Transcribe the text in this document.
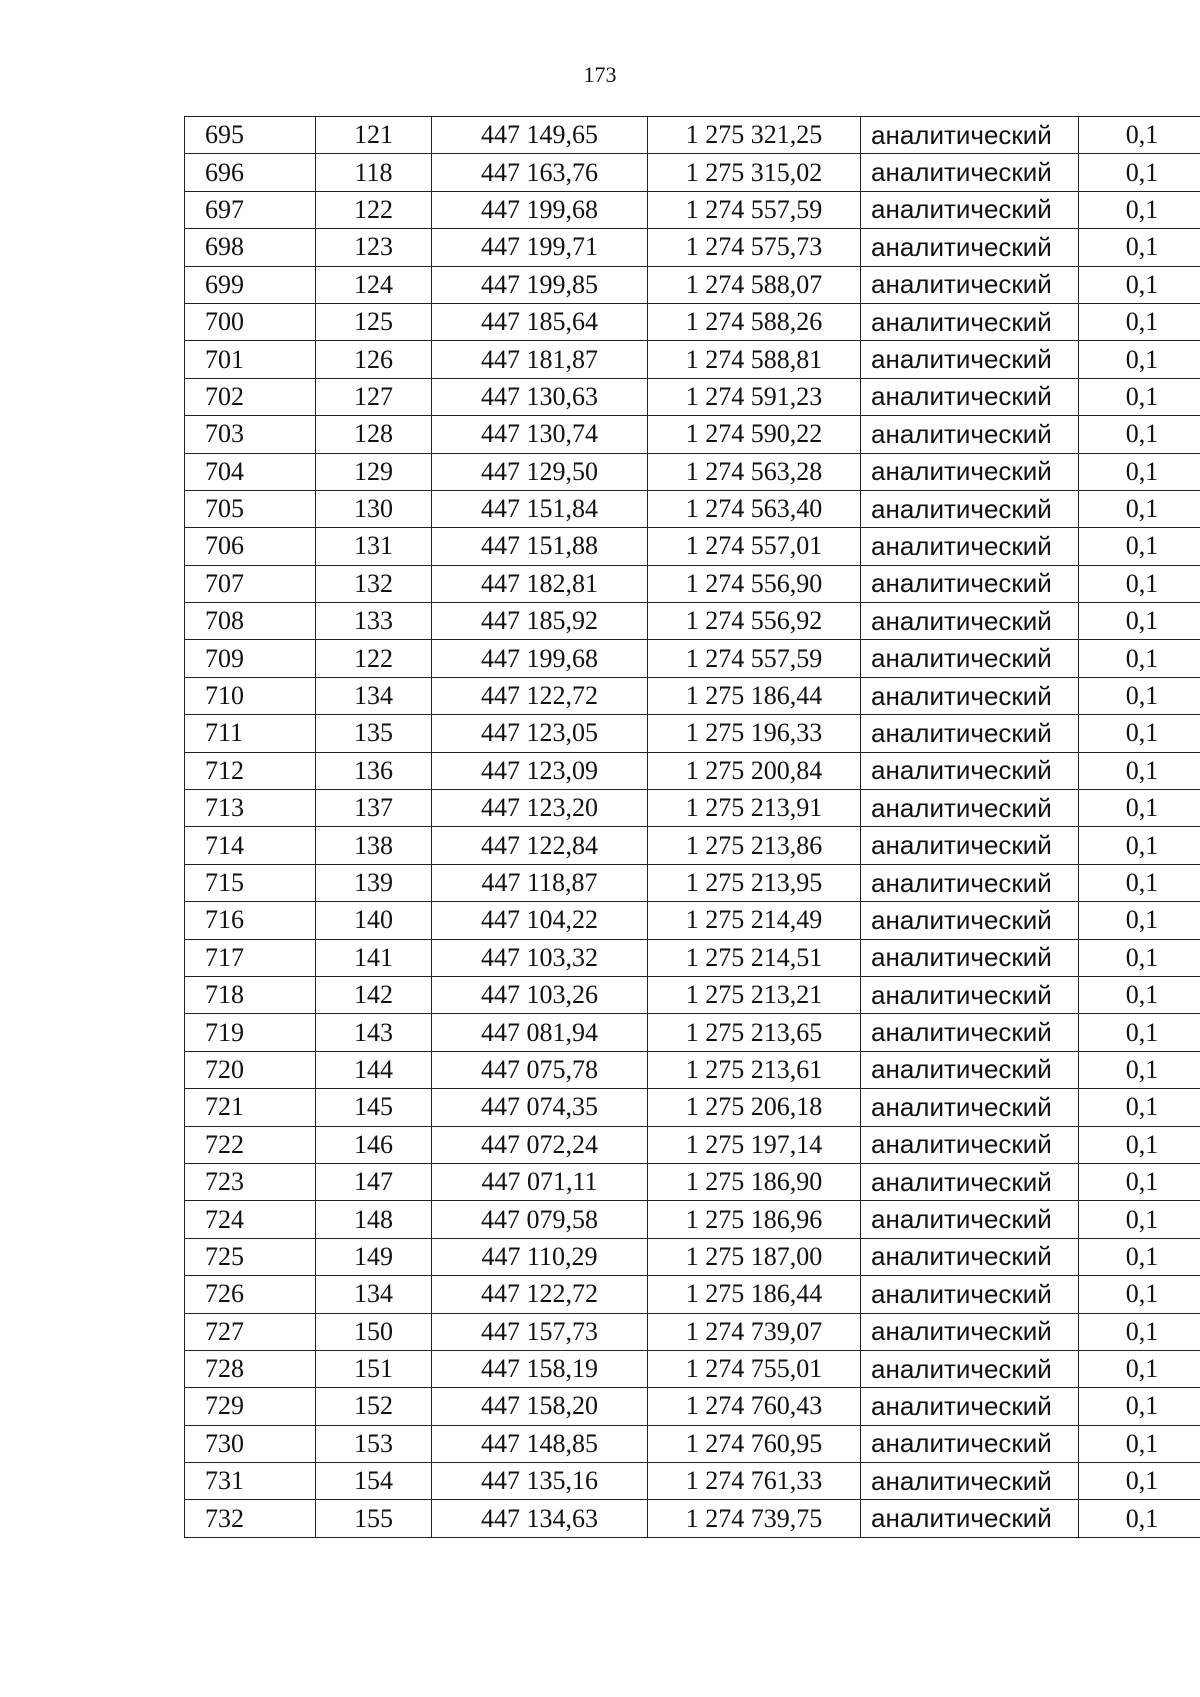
173
695	121	447 149,65	1 275 321,25	аналитический	0,1
696	118	447 163,76	1 275 315,02	аналитический	0,1
697	122	447 199,68	1 274 557,59	аналитический	0,1
698	123	447 199,71	1 274 575,73	аналитический	0,1
699	124	447 199,85	1 274 588,07	аналитический	0,1
700	125	447 185,64	1 274 588,26	аналитический	0,1
701	126	447 181,87	1 274 588,81	аналитический	0,1
702	127	447 130,63	1 274 591,23	аналитический	0,1
703	128	447 130,74	1 274 590,22	аналитический	0,1
704	129	447 129,50	1 274 563,28	аналитический	0,1
705	130	447 151,84	1 274 563,40	аналитический	0,1
706	131	447 151,88	1 274 557,01	аналитический	0,1
707	132	447 182,81	1 274 556,90	аналитический	0,1
708	133	447 185,92	1 274 556,92	аналитический	0,1
709	122	447 199,68	1 274 557,59	аналитический	0,1
710	134	447 122,72	1 275 186,44	аналитический	0,1
711	135	447 123,05	1 275 196,33	аналитический	0,1
712	136	447 123,09	1 275 200,84	аналитический	0,1
713	137	447 123,20	1 275 213,91	аналитический	0,1
714	138	447 122,84	1 275 213,86	аналитический	0,1
715	139	447 118,87	1 275 213,95	аналитический	0,1
716	140	447 104,22	1 275 214,49	аналитический	0,1
717	141	447 103,32	1 275 214,51	аналитический	0,1
718	142	447 103,26	1 275 213,21	аналитический	0,1
719	143	447 081,94	1 275 213,65	аналитический	0,1
720	144	447 075,78	1 275 213,61	аналитический	0,1
721	145	447 074,35	1 275 206,18	аналитический	0,1
722	146	447 072,24	1 275 197,14	аналитический	0,1
723	147	447 071,11	1 275 186,90	аналитический	0,1
724	148	447 079,58	1 275 186,96	аналитический	0,1
725	149	447 110,29	1 275 187,00	аналитический	0,1
726	134	447 122,72	1 275 186,44	аналитический	0,1
727	150	447 157,73	1 274 739,07	аналитический	0,1
728	151	447 158,19	1 274 755,01	аналитический	0,1
729	152	447 158,20	1 274 760,43	аналитический	0,1
730	153	447 148,85	1 274 760,95	аналитический	0,1
731	154	447 135,16	1 274 761,33	аналитический	0,1
732	155	447 134,63	1 274 739,75	аналитический	0,1
